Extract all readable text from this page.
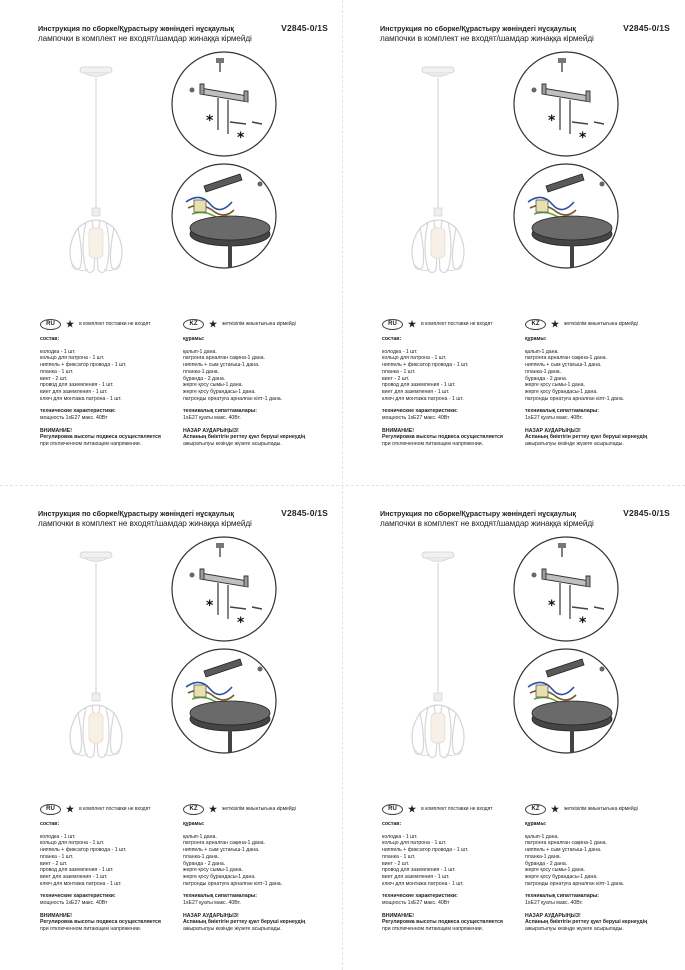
Инструкция по сборке/Құрастыру жөніндегі нұсқаулық	V2845-0/1S
лампочки в комплект не входят/шамдар жинаққа кірмейді
*
*
RU	★ в комплект поставки не входят
состав:
колодка - 1 шт.
кольцо для патрона - 1 шт.
ниппель + фиксатор провода - 1 шт.
планка - 1 шт.
винт - 2 шт.
провод для заземления - 1 шт.
винт для заземления - 1 шт.
ключ для монтажа патрона - 1 шт.
технические характеристики:
мощность 1xE27 макс. 40Вт
ВНИМАНИЕ!
Регулировка высоты подвеса осуществляется
при отключенном питающем напряжении.
KZ	★ жеткізілім жиынтығына кірмейді
құрамы:
қалып-1 дана.
патронға арналған сақина-1 дана.
ниппель + сым ұстағыш-1 дана.
планка-1 дана.
бұранда - 2 дана.
жерге қосу сымы-1 дана.
жерге қосу бұрандасы-1 дана.
патронды орнатуға арналған кілт-1 дана.
техникалық сипаттамалары:
1хЕ27 қуаты макс. 40Вт.
НАЗАР АУДАРЫҢЫЗ!
Аспаның биіктігін реттеу қуат берушi кернеудің
ажыратылуы кезінде жүзеге асырылады.
Инструкция по сборке/Құрастыру жөніндегі нұсқаулық	V2845-0/1S
лампочки в комплект не входят/шамдар жинаққа кірмейді
*
*
RU	★ в комплект поставки не входят
состав:
колодка - 1 шт.
кольцо для патрона - 1 шт.
ниппель + фиксатор провода - 1 шт.
планка - 1 шт.
винт - 2 шт.
провод для заземления - 1 шт.
винт для заземления - 1 шт.
ключ для монтажа патрона - 1 шт.
технические характеристики:
мощность 1xE27 макс. 40Вт
ВНИМАНИЕ!
Регулировка высоты подвеса осуществляется
при отключенном питающем напряжении.
KZ	★ жеткізілім жиынтығына кірмейді
құрамы:
қалып-1 дана.
патронға арналған сақина-1 дана.
ниппель + сым ұстағыш-1 дана.
планка-1 дана.
бұранда - 2 дана.
жерге қосу сымы-1 дана.
жерге қосу бұрандасы-1 дана.
патронды орнатуға арналған кілт-1 дана.
техникалық сипаттамалары:
1хЕ27 қуаты макс. 40Вт.
НАЗАР АУДАРЫҢЫЗ!
Аспаның биіктігін реттеу қуат берушi кернеудің
ажыратылуы кезінде жүзеге асырылады.
Инструкция по сборке/Құрастыру жөніндегі нұсқаулық	V2845-0/1S
лампочки в комплект не входят/шамдар жинаққа кірмейді
*
*
RU	★ в комплект поставки не входят
состав:
колодка - 1 шт.
кольцо для патрона - 1 шт.
ниппель + фиксатор провода - 1 шт.
планка - 1 шт.
винт - 2 шт.
провод для заземления - 1 шт.
винт для заземления - 1 шт.
ключ для монтажа патрона - 1 шт.
технические характеристики:
мощность 1xE27 макс. 40Вт
ВНИМАНИЕ!
Регулировка высоты подвеса осуществляется
при отключенном питающем напряжении.
KZ	★ жеткізілім жиынтығына кірмейді
құрамы:
қалып-1 дана.
патронға арналған сақина-1 дана.
ниппель + сым ұстағыш-1 дана.
планка-1 дана.
бұранда - 2 дана.
жерге қосу сымы-1 дана.
жерге қосу бұрандасы-1 дана.
патронды орнатуға арналған кілт-1 дана.
техникалық сипаттамалары:
1хЕ27 қуаты макс. 40Вт.
НАЗАР АУДАРЫҢЫЗ!
Аспаның биіктігін реттеу қуат берушi кернеудің
ажыратылуы кезінде жүзеге асырылады.
Инструкция по сборке/Құрастыру жөніндегі нұсқаулық	V2845-0/1S
лампочки в комплект не входят/шамдар жинаққа кірмейді
*
*
RU	★ в комплект поставки не входят
состав:
колодка - 1 шт.
кольцо для патрона - 1 шт.
ниппель + фиксатор провода - 1 шт.
планка - 1 шт.
винт - 2 шт.
провод для заземления - 1 шт.
винт для заземления - 1 шт.
ключ для монтажа патрона - 1 шт.
технические характеристики:
мощность 1xE27 макс. 40Вт
ВНИМАНИЕ!
Регулировка высоты подвеса осуществляется
при отключенном питающем напряжении.
KZ	★ жеткізілім жиынтығына кірмейді
құрамы:
қалып-1 дана.
патронға арналған сақина-1 дана.
ниппель + сым ұстағыш-1 дана.
планка-1 дана.
бұранда - 2 дана.
жерге қосу сымы-1 дана.
жерге қосу бұрандасы-1 дана.
патронды орнатуға арналған кілт-1 дана.
техникалық сипаттамалары:
1хЕ27 қуаты макс. 40Вт.
НАЗАР АУДАРЫҢЫЗ!
Аспаның биіктігін реттеу қуат берушi кернеудің
ажыратылуы кезінде жүзеге асырылады.
